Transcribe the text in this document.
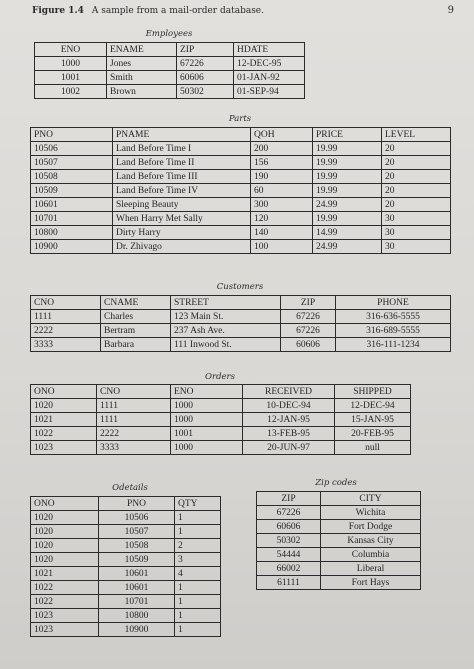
Figure 1.4 A sample from a mail-order database.	9
Employees
ENO	ENAME	ZIP	HDATE
1000	Jones	67226	12-DEC-95
1001	Smith	60606	01-JAN-92
1002	Brown	50302	01-SEP-94
Parts
PNO	PNAME	QOH	PRICE	LEVEL
10506	Land Before Time I	200	19.99	20
10507	Land Before Time II	156	19.99	20
10508	Land Before Time III	190	19.99	20
10509	Land Before Time IV	60	19.99	20
10601	Sleeping Beauty	300	24.99	20
10701	When Harry Met Sally	120	19.99	30
10800	Dirty Harry	140	14.99	30
10900	Dr. Zhivago	100	24.99	30
Customers
CNO	CNAME	STREET	ZIP	PHONE
1111	Charles	123 Main St.	67226	316-636-5555
2222	Bertram	237 Ash Ave.	67226	316-689-5555
3333	Barbara	111 Inwood St.	60606	316-111-1234
Orders
ONO	CNO	ENO	RECEIVED	SHIPPED
1020	1111	1000	10-DEC-94	12-DEC-94
1021	1111	1000	12-JAN-95	15-JAN-95
1022	2222	1001	13-FEB-95	20-FEB-95
1023	3333	1000	20-JUN-97	null
Odetails
ONO	PNO	QTY
1020	10506	1
1020	10507	1
1020	10508	2
1020	10509	3
1021	10601	4
1022	10601	1
1022	10701	1
1023	10800	1
1023	10900	1
Zip codes
ZIP	CITY
67226	Wichita
60606	Fort Dodge
50302	Kansas City
54444	Columbia
66002	Liberal
61111	Fort Hays
